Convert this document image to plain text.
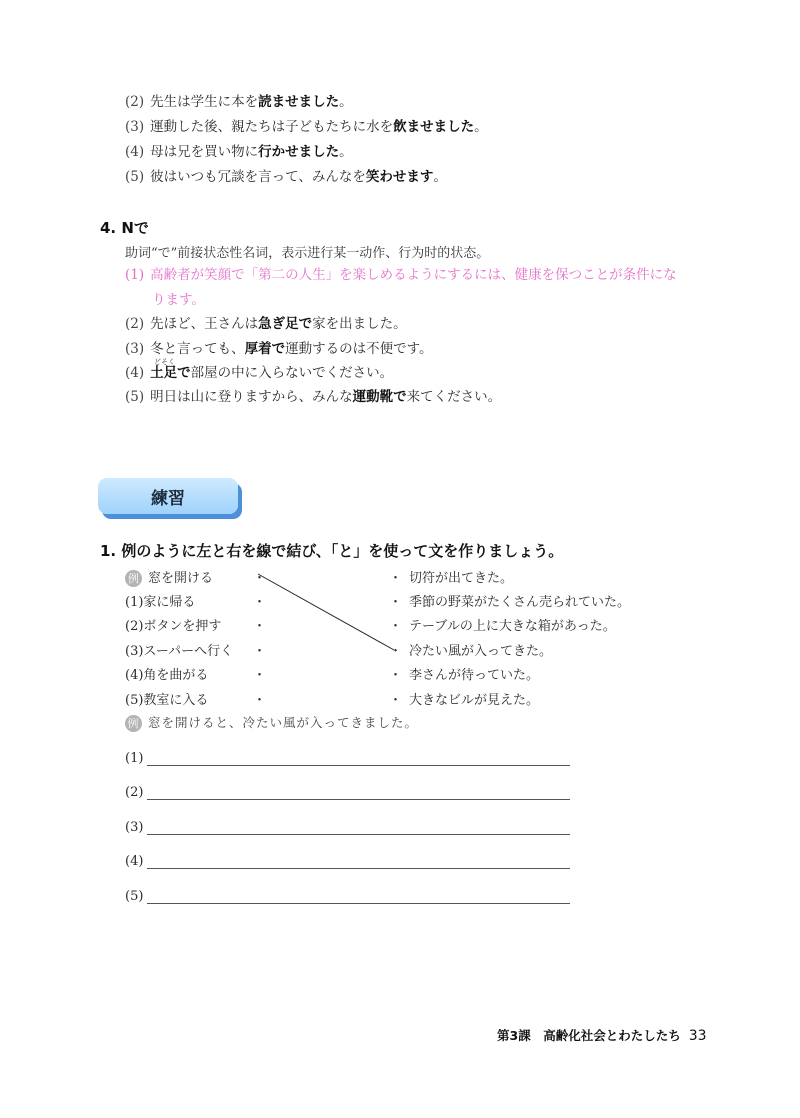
(2) 先生は学生に本を読ませました。
(3) 運動した後、親たちは子どもたちに水を飲ませました。
(4) 母は兄を買い物に行かせました。
(5) 彼はいつも冗談を言って、みんなを笑わせます。
4. Nで
助词“で”前接状态性名词，表示进行某一动作、行为时的状态。
(1) 高齢者が笑顔で「第二の人生」を楽しめるようにするには、健康を保つことが条件にな
ります。
(2) 先ほど、王さんは急ぎ足で家を出ました。
(3) 冬と言っても、厚着で運動するのは不便です。
どそく
(4) 土足で部屋の中に入らないでください。
(5) 明日は山に登りますから、みんな運動靴で来てください。
練習
1. 例のように左と右を線で結び、「と」を使って文を作りましょう。
例 窓を開ける
(1)家に帰る
(2)ボタンを押す
(3)スーパーへ行く
(4)角を曲がる
(5)教室に入る
・
・
・
・
・
・
・
・
・
・
・
・
切符が出てきた。
季節の野菜がたくさん売られていた。
テーブルの上に大きな箱があった。
冷たい風が入ってきた。
李さんが待っていた。
大きなビルが見えた。
例 窓を開けると、冷たい風が入ってきました。
(1)
(2)
(3)
(4)
(5)
第3課　高齢化社会とわたしたち 33
